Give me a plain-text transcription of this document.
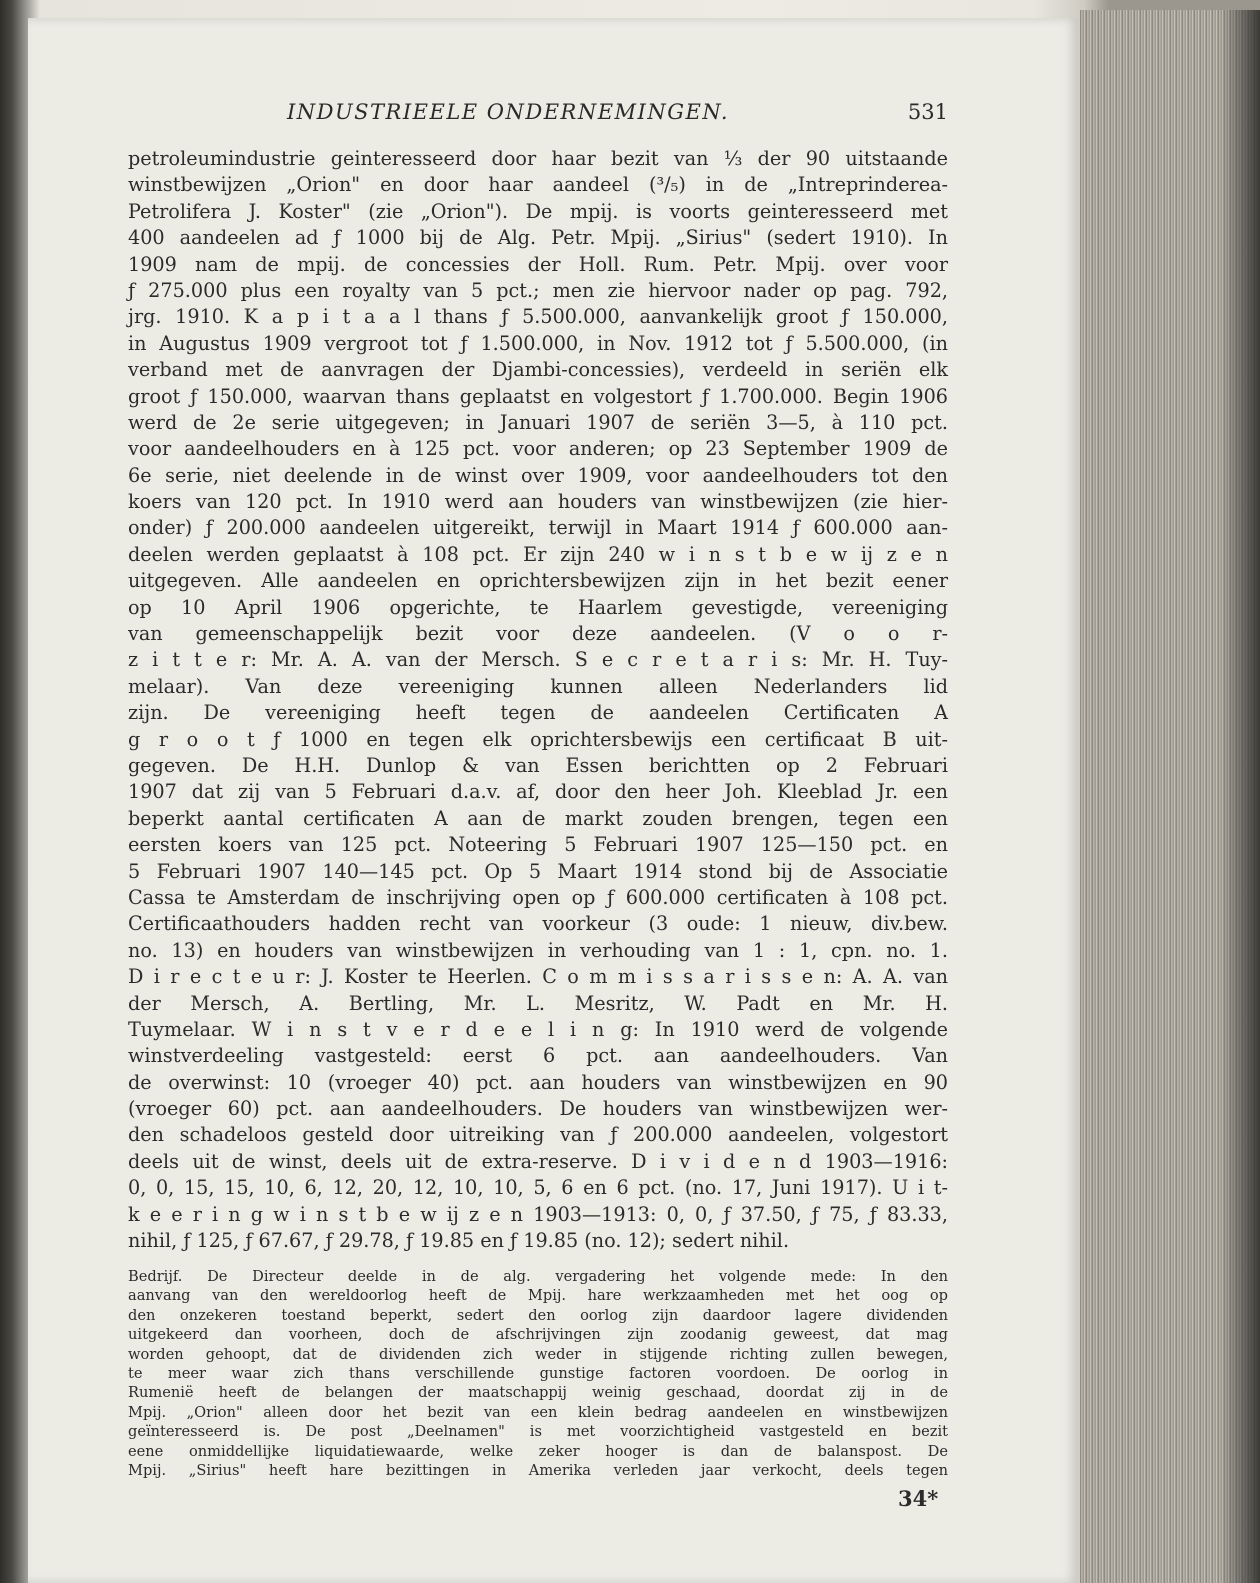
INDUSTRIEELE ONDERNEMINGEN.	531
petroleumindustrie geinteresseerd door haar bezit van ⅓ der 90 uitstaande
winstbewijzen „Orion" en door haar aandeel (³/₅) in de „Intreprinderea-
Petrolifera J. Koster" (zie „Orion"). De mpij. is voorts geinteresseerd met
400 aandeelen ad ƒ 1000 bij de Alg. Petr. Mpij. „Sirius" (sedert 1910). In
1909 nam de mpij. de concessies der Holl. Rum. Petr. Mpij. over voor
ƒ 275.000 plus een royalty van 5 pct.; men zie hiervoor nader op pag. 792,
jrg. 1910. K a p i t a a l thans ƒ 5.500.000, aanvankelijk groot ƒ 150.000,
in Augustus 1909 vergroot tot ƒ 1.500.000, in Nov. 1912 tot ƒ 5.500.000, (in
verband met de aanvragen der Djambi-concessies), verdeeld in seriën elk
groot ƒ 150.000, waarvan thans geplaatst en volgestort ƒ 1.700.000. Begin 1906
werd de 2e serie uitgegeven; in Januari 1907 de seriën 3—5, à 110 pct.
voor aandeelhouders en à 125 pct. voor anderen; op 23 September 1909 de
6e serie, niet deelende in de winst over 1909, voor aandeelhouders tot den
koers van 120 pct. In 1910 werd aan houders van winstbewijzen (zie hier-
onder) ƒ 200.000 aandeelen uitgereikt, terwijl in Maart 1914 ƒ 600.000 aan-
deelen werden geplaatst à 108 pct. Er zijn 240 w i n s t b e w ij z e n
uitgegeven. Alle aandeelen en oprichtersbewijzen zijn in het bezit eener
op 10 April 1906 opgerichte, te Haarlem gevestigde, vereeniging
van gemeenschappelijk bezit voor deze aandeelen. (V o o r-
z i t t e r: Mr. A. A. van der Mersch. S e c r e t a r i s: Mr. H. Tuy-
melaar). Van deze vereeniging kunnen alleen Nederlanders lid
zijn. De vereeniging heeft tegen de aandeelen Certificaten A
g r o o t ƒ 1000 en tegen elk oprichtersbewijs een certificaat B uit-
gegeven. De H.H. Dunlop & van Essen berichtten op 2 Februari
1907 dat zij van 5 Februari d.a.v. af, door den heer Joh. Kleeblad Jr. een
beperkt aantal certificaten A aan de markt zouden brengen, tegen een
eersten koers van 125 pct. Noteering 5 Februari 1907 125—150 pct. en
5 Februari 1907 140—145 pct. Op 5 Maart 1914 stond bij de Associatie
Cassa te Amsterdam de inschrijving open op ƒ 600.000 certificaten à 108 pct.
Certificaathouders hadden recht van voorkeur (3 oude: 1 nieuw, div.bew.
no. 13) en houders van winstbewijzen in verhouding van 1 : 1, cpn. no. 1.
D i r e c t e u r: J. Koster te Heerlen. C o m m i s s a r i s s e n: A. A. van
der Mersch, A. Bertling, Mr. L. Mesritz, W. Padt en Mr. H.
Tuymelaar. W i n s t v e r d e e l i n g: In 1910 werd de volgende
winstverdeeling vastgesteld: eerst 6 pct. aan aandeelhouders. Van
de overwinst: 10 (vroeger 40) pct. aan houders van winstbewijzen en 90
(vroeger 60) pct. aan aandeelhouders. De houders van winstbewijzen wer-
den schadeloos gesteld door uitreiking van ƒ 200.000 aandeelen, volgestort
deels uit de winst, deels uit de extra-reserve. D i v i d e n d 1903—1916:
0, 0, 15, 15, 10, 6, 12, 20, 12, 10, 10, 5, 6 en 6 pct. (no. 17, Juni 1917). U i t-
k e e r i n g w i n s t b e w ij z e n 1903—1913: 0, 0, ƒ 37.50, ƒ 75, ƒ 83.33,
nihil, ƒ 125, ƒ 67.67, ƒ 29.78, ƒ 19.85 en ƒ 19.85 (no. 12); sedert nihil.
Bedrijf. De Directeur deelde in de alg. vergadering het volgende mede: In den
aanvang van den wereldoorlog heeft de Mpij. hare werkzaamheden met het oog op
den onzekeren toestand beperkt, sedert den oorlog zijn daardoor lagere dividenden
uitgekeerd dan voorheen, doch de afschrijvingen zijn zoodanig geweest, dat mag
worden gehoopt, dat de dividenden zich weder in stijgende richting zullen bewegen,
te meer waar zich thans verschillende gunstige factoren voordoen. De oorlog in
Rumenië heeft de belangen der maatschappij weinig geschaad, doordat zij in de
Mpij. „Orion" alleen door het bezit van een klein bedrag aandeelen en winstbewijzen
geïnteresseerd is. De post „Deelnamen" is met voorzichtigheid vastgesteld en bezit
eene onmiddellijke liquidatiewaarde, welke zeker hooger is dan de balanspost. De
Mpij. „Sirius" heeft hare bezittingen in Amerika verleden jaar verkocht, deels tegen
34*
